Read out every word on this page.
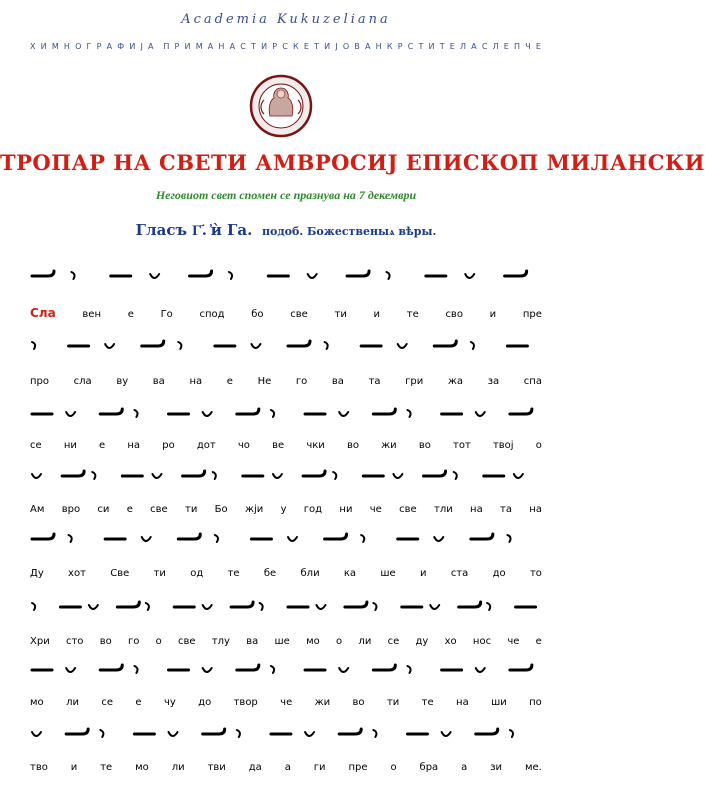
Academia Kukuzeliana
Х И М Н О Г Р А Ф И Ј А П Р И М А Н А С Т И Р С К Е Т И Ј О В А Н К Р С Т И Т Е Л А С Л Е П Ч Е
ТРОПАР НА СВЕТИ АМВРОСИЈ ЕПИСКОП МИЛАНСКИ
Неговиот свет спомен се празнува на 7 декември
Гласъ Г҃. ҆ѝ Га. подоб. Божественыѧ вѣры.
Сла	вен	е	Го	спод	бо	све	ти	и	те	сво	и	пре
про сла ву ва на е Не го ва та гри жа за спа
се ни е на ро дот чо ве чки во жи во тот твој о
Ам вро си е све ти Бо жји у год ни че све тли на та на
Ду хот Све ти од те бе бли ка ше и ста до то
Хри сто во го о све тлу ва ше мо о ли се ду хо нос че е
мо ли се е чу до твор че жи во ти те на ши по
тво и те мо ли тви да а ги пре о бра а зи ме.
